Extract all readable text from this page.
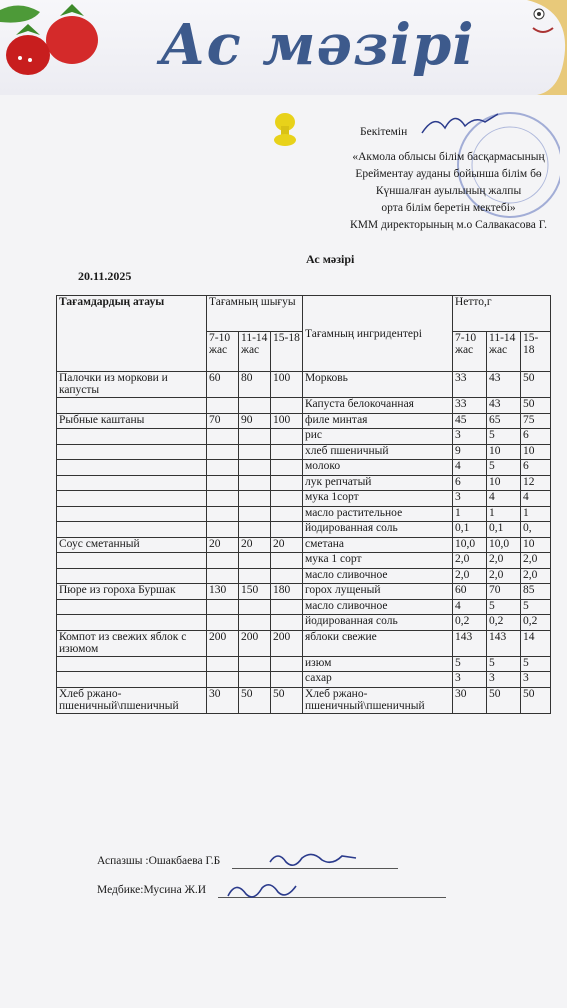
Ас мәзірі
Бекітемін
«Акмола облысы білім басқармасының
Ерейментау ауданы бойынша білім бө
Күншалған ауылының жалпы
орта білім беретін мектебі»
КММ директорының м.о Салвакасова Г.
Ас мәзірі
20.11.2025
Тағамдардың атауы	Тағамның шығуы			Тағамның ингридентері	Нетто,г		
	7-10 жас	11-14 жас	15-18		7-10 жас	11-14 жас	15-18
Палочки из моркови и капусты	60	80	100	Морковь	33	43	50
				Капуста белокочанная	33	43	50
Рыбные каштаны	70	90	100	филе минтая	45	65	75
				рис	3	5	6
				хлеб пшеничный	9	10	10
				молоко	4	5	6
				лук репчатый	6	10	12
				мука 1сорт	3	4	4
				масло растительное	1	1	1
				йодированная соль	0,1	0,1	0,
Соус сметанный	20	20	20	сметана	10,0	10,0	10
				мука 1 сорт	2,0	2,0	2,0
				масло сливочное	2,0	2,0	2,0
Пюре из гороха Буршак	130	150	180	горох лущеный	60	70	85
				масло сливочное	4	5	5
				йодированная соль	0,2	0,2	0,2
Компот из свежих яблок с изюмом	200	200	200	яблоки свежие	143	143	14
				изюм	5	5	5
				сахар	3	3	3
Хлеб ржано-пшеничный\пшеничный	30	50	50	Хлеб ржано-пшеничный\пшеничный	30	50	50
Аспазшы :Ошакбаева Г.Б
Медбике:Мусина Ж.И
